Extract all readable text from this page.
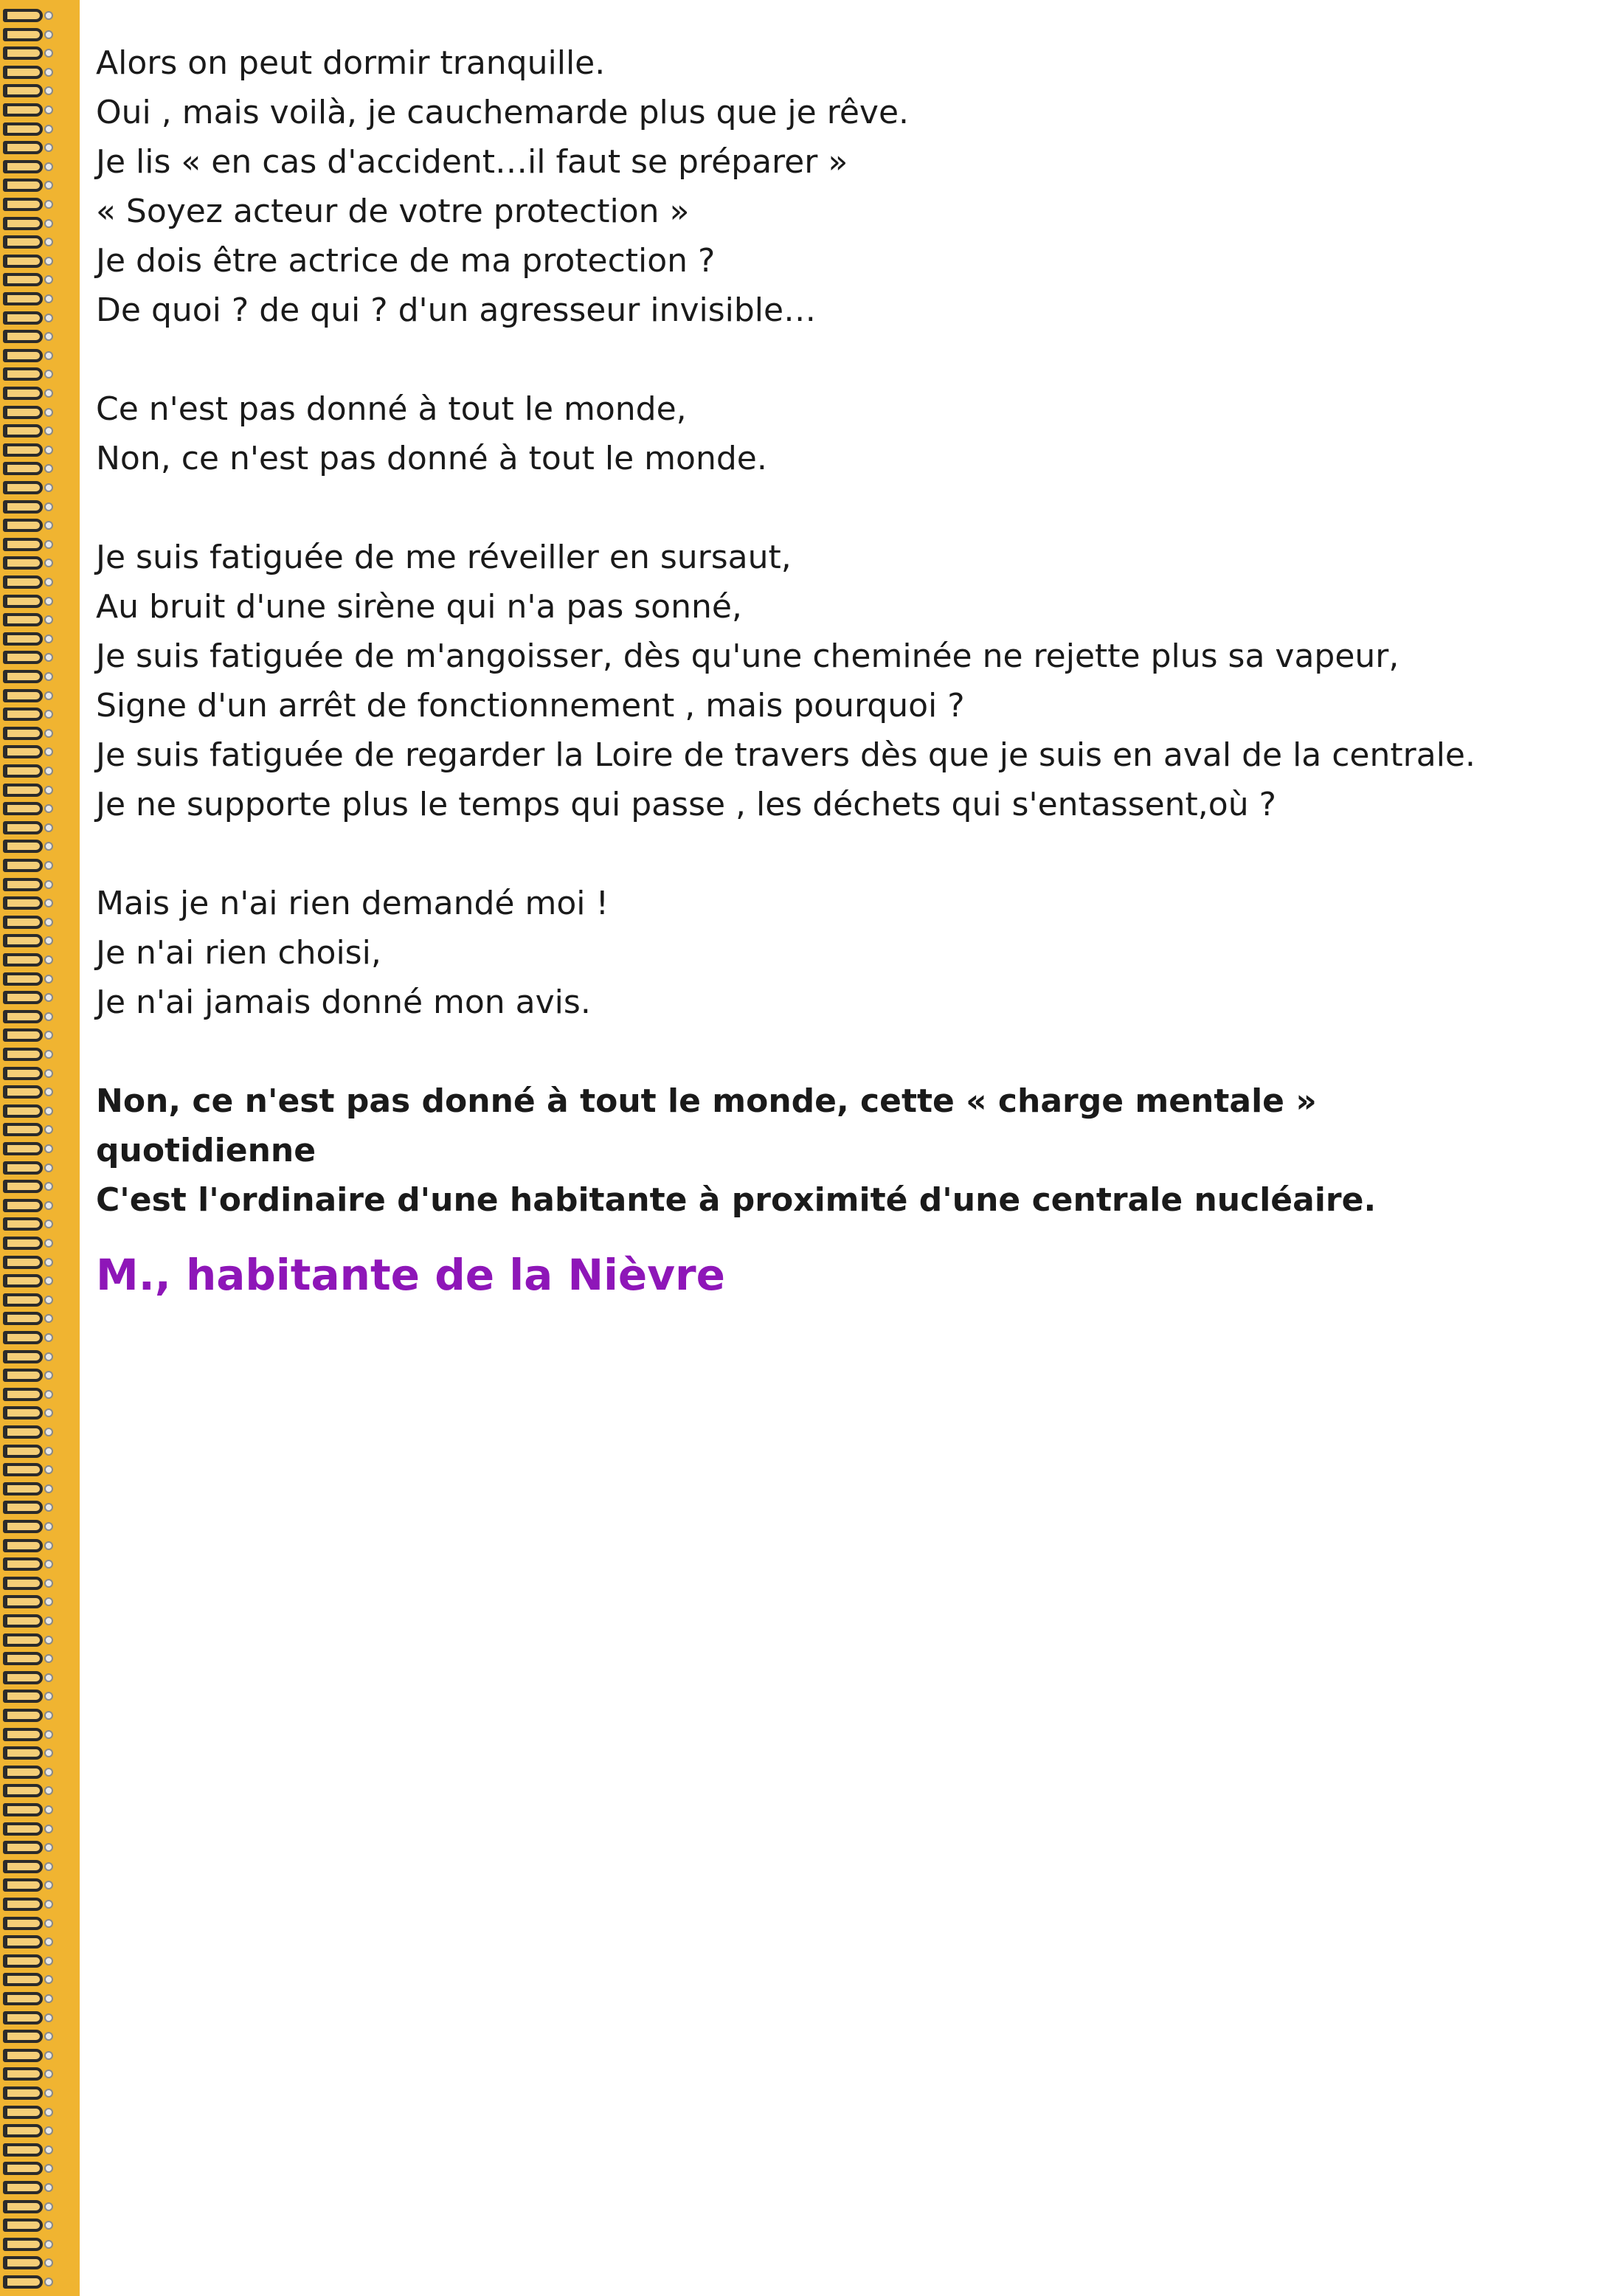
Alors on peut dormir tranquille.

Oui , mais voilà, je cauchemarde plus que je rêve.

Je lis « en cas d'accident…il faut se préparer »

« Soyez acteur de votre protection »

Je dois être actrice de ma protection ?

De quoi ? de qui ? d'un agresseur invisible…

Ce n'est pas donné à tout le monde,

Non, ce n'est pas donné à tout le monde.

Je suis fatiguée de me réveiller en sursaut,

Au bruit d'une sirène qui n'a pas sonné,

Je suis fatiguée de m'angoisser, dès qu'une cheminée ne rejette plus sa vapeur,

Signe d'un arrêt de fonctionnement , mais pourquoi ?

Je suis fatiguée de regarder la Loire de travers dès que je suis en aval de la centrale.

Je ne supporte plus le temps qui passe , les déchets qui s'entassent,où ?

Mais je n'ai rien demandé moi !

Je n'ai rien choisi,

Je n'ai jamais donné mon avis.

Non, ce n'est pas donné à tout le monde, cette « charge mentale » quotidienne

C'est l'ordinaire d'une habitante à proximité d'une centrale nucléaire.

M., habitante de la Nièvre
